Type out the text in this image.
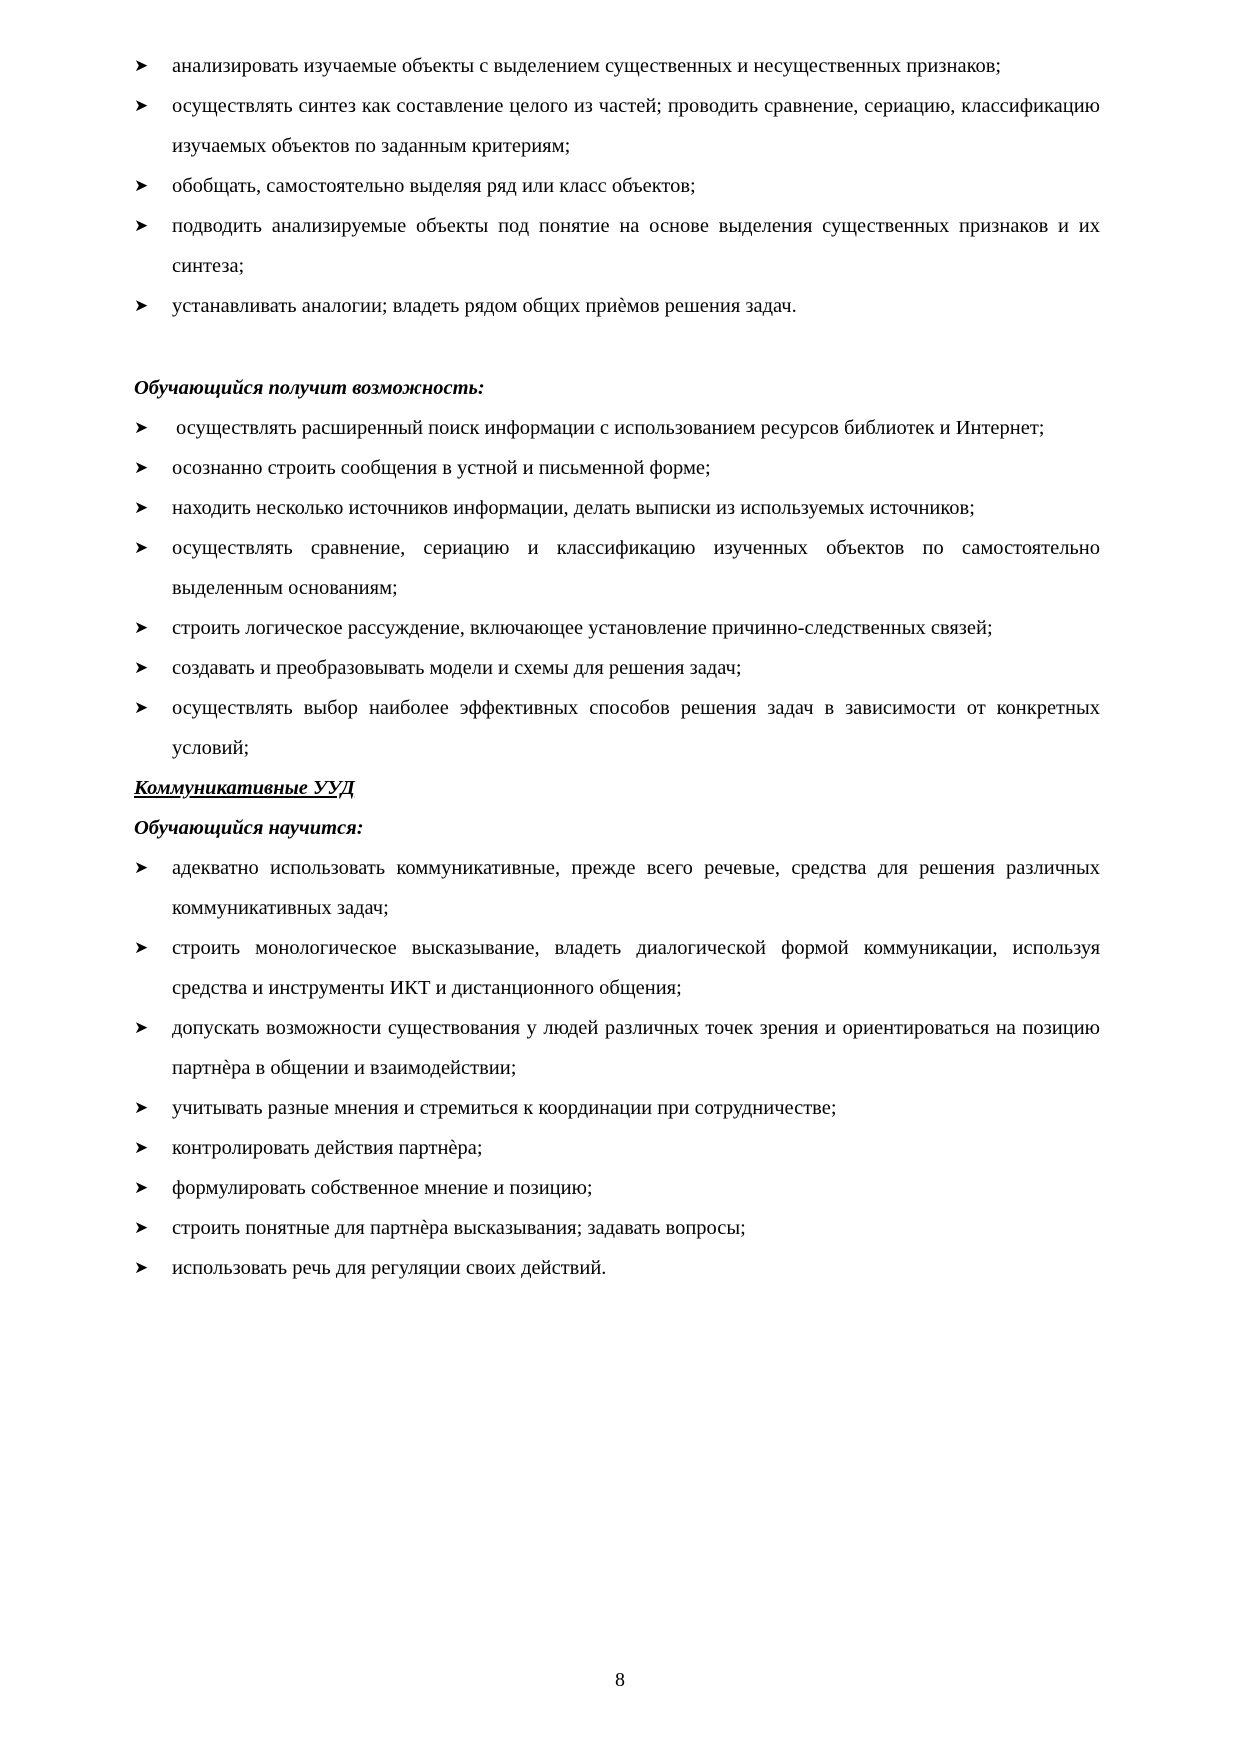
➤ анализировать изучаемые объекты с выделением существенных и несущественных признаков;
➤ осуществлять синтез как составление целого из частей; проводить сравнение, сериацию, классификацию изучаемых объектов по заданным критериям;
➤ обобщать, самостоятельно выделяя ряд или класс объектов;
➤ подводить анализируемые объекты под понятие на основе выделения существенных признаков и их синтеза;
➤ устанавливать аналогии; владеть рядом общих приѐмов решения задач.
Обучающийся получит возможность:
➤ осуществлять расширенный поиск информации с использованием ресурсов библиотек и Интернет;
➤ осознанно строить сообщения в устной и письменной форме;
➤ находить несколько источников информации, делать выписки из используемых источников;
➤ осуществлять сравнение, сериацию и классификацию изученных объектов по самостоятельно выделенным основаниям;
➤ строить логическое рассуждение, включающее установление причинно-следственных связей;
➤ создавать и преобразовывать модели и схемы для решения задач;
➤ осуществлять выбор наиболее эффективных способов решения задач в зависимости от конкретных условий;
Коммуникативные УУД
Обучающийся научится:
➤ адекватно использовать коммуникативные, прежде всего речевые, средства для решения различных коммуникативных задач;
➤ строить монологическое высказывание, владеть диалогической формой коммуникации, используя средства и инструменты ИКТ и дистанционного общения;
➤ допускать возможности существования у людей различных точек зрения и ориентироваться на позицию партнѐра в общении и взаимодействии;
➤ учитывать разные мнения и стремиться к координации при сотрудничестве;
➤ контролировать действия партнѐра;
➤ формулировать собственное мнение и позицию;
➤ строить понятные для партнѐра высказывания; задавать вопросы;
➤ использовать речь для регуляции своих действий.
8
